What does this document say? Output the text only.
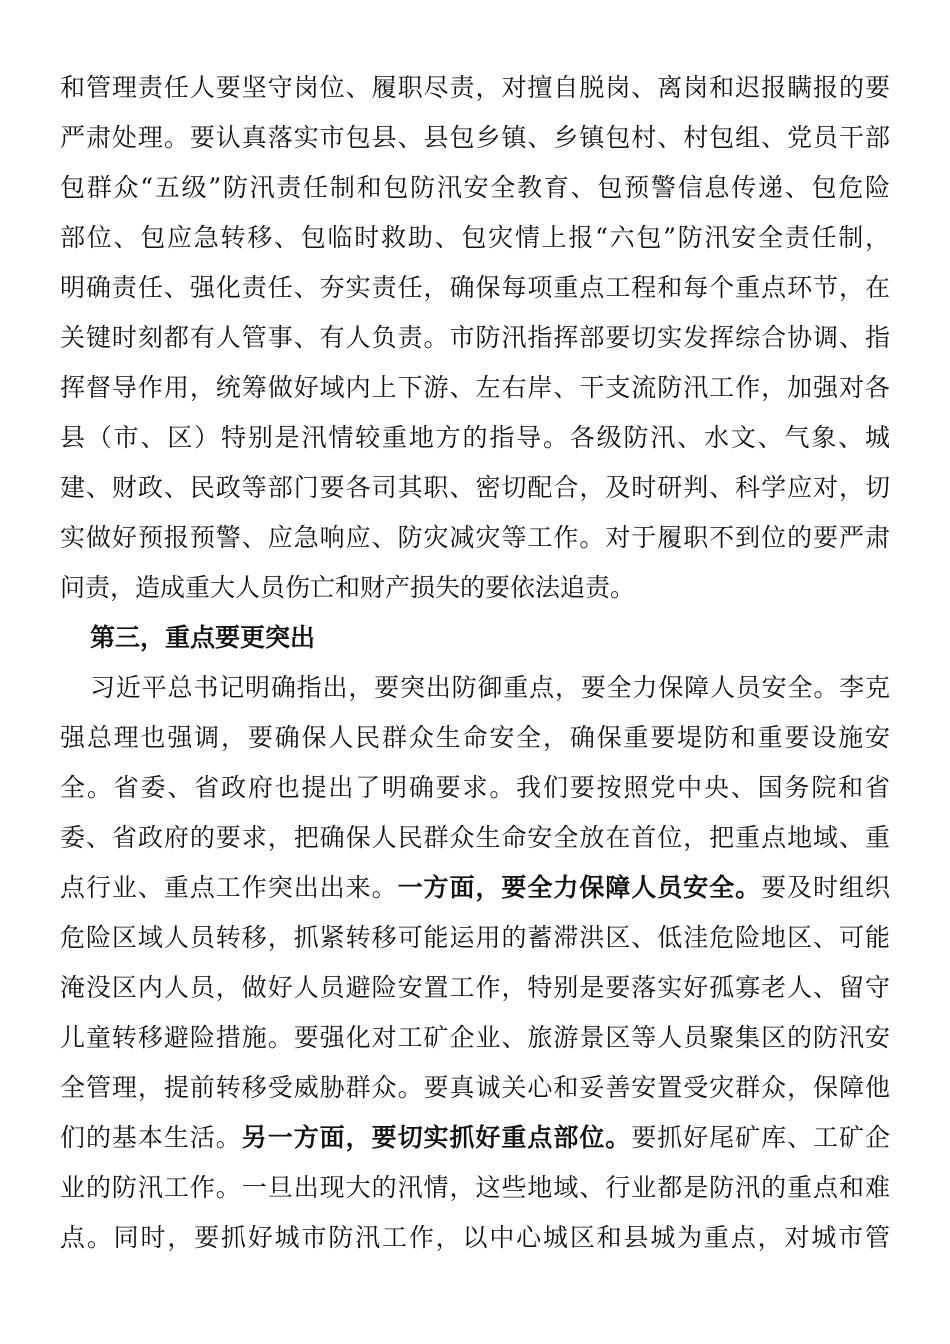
和管理责任人要坚守岗位、履职尽责，对擅自脱岗、离岗和迟报瞒报的要
严肃处理。要认真落实市包县、县包乡镇、乡镇包村、村包组、党员干部
包群众“五级”防汛责任制和包防汛安全教育、包预警信息传递、包危险
部位、包应急转移、包临时救助、包灾情上报“六包”防汛安全责任制，
明确责任、强化责任、夯实责任，确保每项重点工程和每个重点环节，在
关键时刻都有人管事、有人负责。市防汛指挥部要切实发挥综合协调、指
挥督导作用，统筹做好域内上下游、左右岸、干支流防汛工作，加强对各
县（市、区）特别是汛情较重地方的指导。各级防汛、水文、气象、城
建、财政、民政等部门要各司其职、密切配合，及时研判、科学应对，切
实做好预报预警、应急响应、防灾减灾等工作。对于履职不到位的要严肃
问责，造成重大人员伤亡和财产损失的要依法追责。
第三，重点要更突出
习近平总书记明确指出，要突出防御重点，要全力保障人员安全。李克
强总理也强调，要确保人民群众生命安全，确保重要堤防和重要设施安
全。省委、省政府也提出了明确要求。我们要按照党中央、国务院和省
委、省政府的要求，把确保人民群众生命安全放在首位，把重点地域、重
点行业、重点工作突出出来。一方面，要全力保障人员安全。要及时组织
危险区域人员转移，抓紧转移可能运用的蓄滞洪区、低洼危险地区、可能
淹没区内人员，做好人员避险安置工作，特别是要落实好孤寡老人、留守
儿童转移避险措施。要强化对工矿企业、旅游景区等人员聚集区的防汛安
全管理，提前转移受威胁群众。要真诚关心和妥善安置受灾群众，保障他
们的基本生活。另一方面，要切实抓好重点部位。要抓好尾矿库、工矿企
业的防汛工作。一旦出现大的汛情，这些地域、行业都是防汛的重点和难
点。同时，要抓好城市防汛工作，以中心城区和县城为重点，对城市管
